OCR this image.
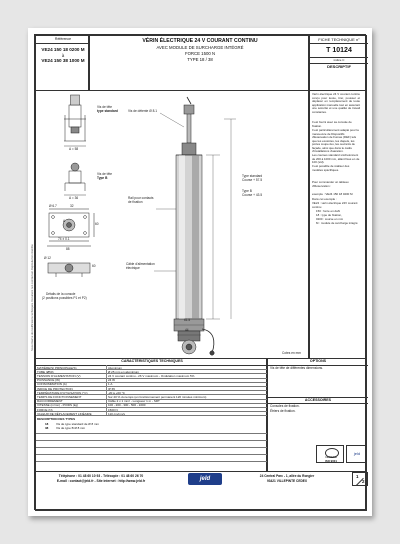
Sous réserve de modifications techniques. Document non contractuel. Reproduction interdite.
Référence
VE24 150 18 0200 M
à
VE24 150 38 1000 M
VÉRIN ÉLECTRIQUE 24 V COURANT CONTINU
AVEC MODULE DE SURCHARGE INTÉGRÉ
FORCE 1500 N
TYPE 18 / 38
FICHE TECHNIQUE n°
T 10124
indice C
DESCRIPTIF
Vis de tête
type standard
A = 58
Vis de tête
Type B
A = 36
Ø 6.7	32
A
60
74 ± 0.1
88
Ø 12
60
Détails de la console
(2 positions possibles P1 et P2)
Vis de détente Ø 8.1
Rail pour contacts
de fixation
Câble d'alimentation
électrique
Type standard
Course + 57.5
Type B
Course + 43.5
61.5
44
Cotes en mm
Vérin électrique 24 V courant continu conçu pour levée, tirer, pousser et déplacer en remplacement de toute application manuelle tout en assurant une sécurité et une qualité de travail constantes.
Il est fourni avec sa console de fixation.
Il est particulièrement adapté pour la manoeuvre de Dispositifs d'Evacuation de Fumée (DEF) tels que les exutoires, les clapets, les portes coupe-feu, les ouvrants de façade, ainsi que dans le cadre d'installations d'aération.
Les courses standard s'échelonnent de 200 à 1000 mm, allant fixes en de 100 (std).
Il est possible de réaliser des modèles spécifiques.
Pour commander un tableau d'Réservation :
exemple : VE24 150 18 0200 M
Dans cet exemple :
VE24 : vérin électrique 24V courant continu
150 : force en daN
18 : type de fixation,
0200 : course en mm
M : module de surcharge intégré
CARACTÉRISTIQUES TECHNIQUES
MATIÈRE(S) PRINCIPALE(S)	Aluminium
TUBE (Ø50)	Ø 25 mm en aluminium
TENSION D'ALIMENTATION (V)	24 V courant continu - 26 V maximum - Ondulation maximum 5%
PUISSANCE (W)	24 W
CONSOMMATION (A)	1 A
INDICE DE PROTECTION	IP 65
TEMPÉRATURE D'UTILISATION (°C)	-20 à +60 °C
TEMPS DE FONCTIONNEMENT	Sur 20 % du temps (en fonctionnement permanent 120 minutes minimum)
RACCORDEMENT	Câble 2 x 1 mm² - Longueur 1 m - SRT
VITESSE (m/mn) - POIDS (kg)	100 - 200 - 300 - 500 - 1000
FORCE (N)	1500 N
VALEUR DE DÉPLACEMENT LINÉAIRE	110 cm/mn/s
DESCRIPTION DES TYPES
18	Vis de type standard de Ø 8 mm
38	Vis de type B Ø 8 mm
OPTIONS
Vis de tête de différentes dimensions.
ACCESSOIRES
Consoles de fixation.
Étriers de fixation.
CERTIFIÉ
ISO 9001
jeld
Téléphone : 01 48 60 10 93 - Télécopie : 01 48 60 26 70
E-mail : contact@jeld.fr - Site internet : http://www.jeld.fr	jeld	24 Central Parc - 1, allée du Rongier
93421 VILLEPINTE CEDEX
1
2
